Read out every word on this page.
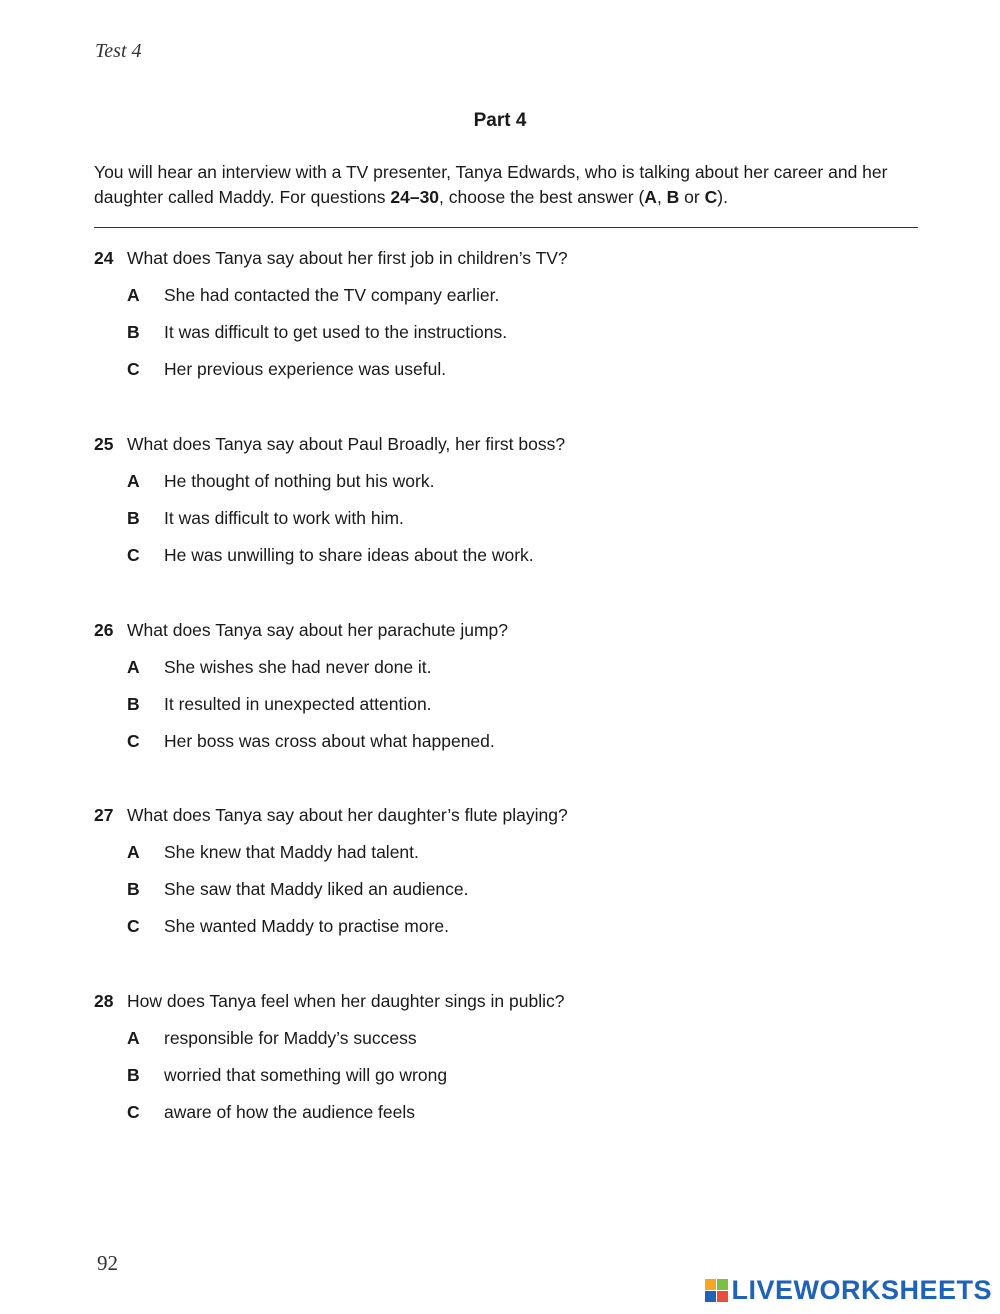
Test 4
Part 4
You will hear an interview with a TV presenter, Tanya Edwards, who is talking about her career and her daughter called Maddy. For questions 24–30, choose the best answer (A, B or C).
24 What does Tanya say about her first job in children’s TV?
A	She had contacted the TV company earlier.
B	It was difficult to get used to the instructions.
C	Her previous experience was useful.
25 What does Tanya say about Paul Broadly, her first boss?
A	He thought of nothing but his work.
B	It was difficult to work with him.
C	He was unwilling to share ideas about the work.
26 What does Tanya say about her parachute jump?
A	She wishes she had never done it.
B	It resulted in unexpected attention.
C	Her boss was cross about what happened.
27 What does Tanya say about her daughter’s flute playing?
A	She knew that Maddy had talent.
B	She saw that Maddy liked an audience.
C	She wanted Maddy to practise more.
28 How does Tanya feel when her daughter sings in public?
A	responsible for Maddy’s success
B	worried that something will go wrong
C	aware of how the audience feels
92
LIVEWORKSHEETS
